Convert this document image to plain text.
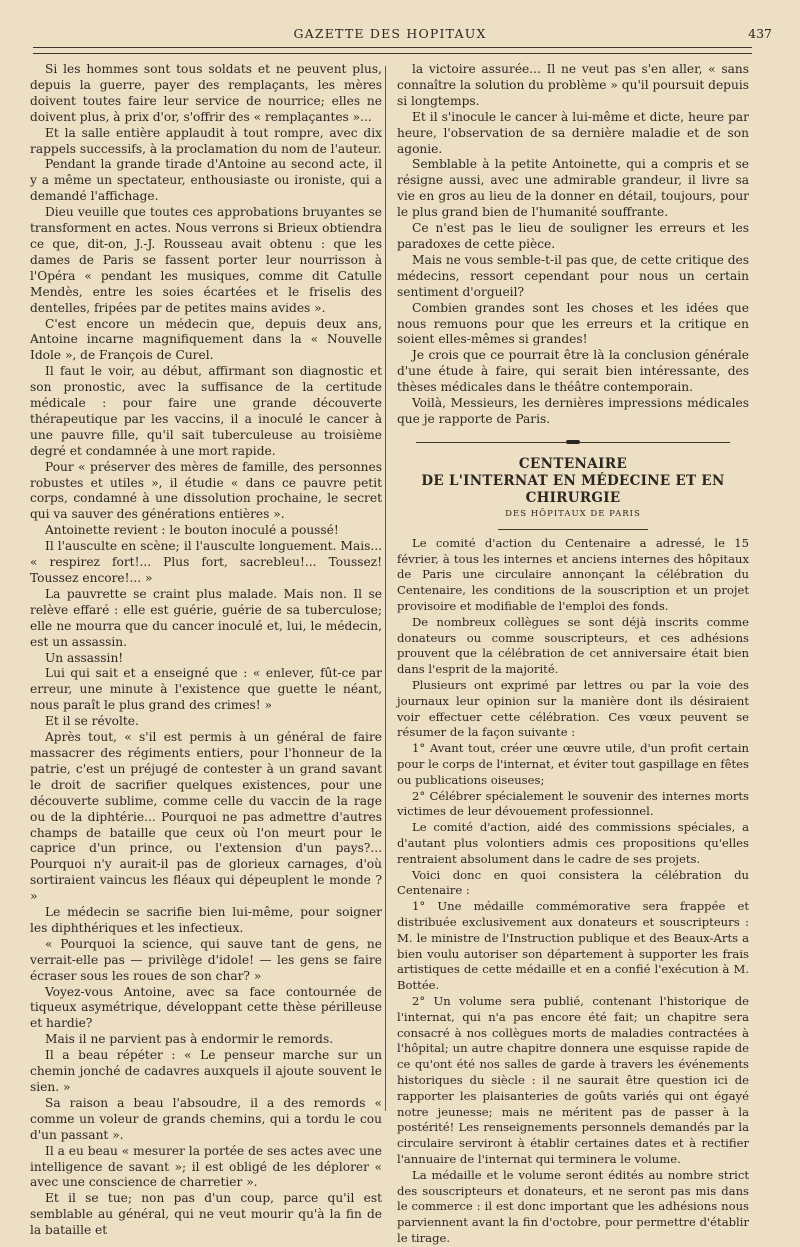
GAZETTE DES HOPITAUX	437

Si les hommes sont tous soldats et ne peuvent plus, depuis la guerre, payer des remplaçants, les mères doivent toutes faire leur service de nourrice; elles ne doivent plus, à prix d'or, s'offrir des « remplaçantes »...

Et la salle entière applaudit à tout rompre, avec dix rappels successifs, à la proclamation du nom de l'auteur.

Pendant la grande tirade d'Antoine au second acte, il y a même un spectateur, enthousiaste ou ironiste, qui a demandé l'affichage.

Dieu veuille que toutes ces approbations bruyantes se transforment en actes. Nous verrons si Brieux obtiendra ce que, dit-on, J.-J. Rousseau avait obtenu : que les dames de Paris se fassent porter leur nourrisson à l'Opéra « pendant les musiques, comme dit Catulle Mendès, entre les soies écartées et le friselis des dentelles, fripées par de petites mains avides ».

C'est encore un médecin que, depuis deux ans, Antoine incarne magnifiquement dans la « Nouvelle Idole », de François de Curel.

Il faut le voir, au début, affirmant son diagnostic et son pronostic, avec la suffisance de la certitude médicale : pour faire une grande découverte thérapeutique par les vaccins, il a inoculé le cancer à une pauvre fille, qu'il sait tuberculeuse au troisième degré et condamnée à une mort rapide.

Pour « préserver des mères de famille, des personnes robustes et utiles », il étudie « dans ce pauvre petit corps, condamné à une dissolution prochaine, le secret qui va sauver des générations entières ».

Antoinette revient : le bouton inoculé a poussé!

Il l'ausculte en scène; il l'ausculte longuement. Mais... « respirez fort!... Plus fort, sacrebleu!... Toussez! Toussez encore!... »

La pauvrette se craint plus malade. Mais non. Il se relève effaré : elle est guérie, guérie de sa tuberculose; elle ne mourra que du cancer inoculé et, lui, le médecin, est un assassin.

Un assassin!

Lui qui sait et a enseigné que : « enlever, fût-ce par erreur, une minute à l'existence que guette le néant, nous paraît le plus grand des crimes! »

Et il se révolte.

Après tout, « s'il est permis à un général de faire massacrer des régiments entiers, pour l'honneur de la patrie, c'est un préjugé de contester à un grand savant le droit de sacrifier quelques existences, pour une découverte sublime, comme celle du vaccin de la rage ou de la diphtérie... Pourquoi ne pas admettre d'autres champs de bataille que ceux où l'on meurt pour le caprice d'un prince, ou l'extension d'un pays?... Pourquoi n'y aurait-il pas de glorieux carnages, d'où sortiraient vaincus les fléaux qui dépeuplent le monde ? »

Le médecin se sacrifie bien lui-même, pour soigner les diphthériques et les infectieux.

« Pourquoi la science, qui sauve tant de gens, ne verrait-elle pas — privilège d'idole! — les gens se faire écraser sous les roues de son char? »

Voyez-vous Antoine, avec sa face contournée de tiqueux asymétrique, développant cette thèse périlleuse et hardie?

Mais il ne parvient pas à endormir le remords.

Il a beau répéter : « Le penseur marche sur un chemin jonché de cadavres auxquels il ajoute souvent le sien. »

Sa raison a beau l'absoudre, il a des remords « comme un voleur de grands chemins, qui a tordu le cou d'un passant ».

Il a eu beau « mesurer la portée de ses actes avec une intelligence de savant »; il est obligé de les déplorer « avec une conscience de charretier ».

Et il se tue; non pas d'un coup, parce qu'il est semblable au général, qui ne veut mourir qu'à la fin de la bataille et

la victoire assurée... Il ne veut pas s'en aller, « sans connaître la solution du problème » qu'il poursuit depuis si longtemps.

Et il s'inocule le cancer à lui-même et dicte, heure par heure, l'observation de sa dernière maladie et de son agonie.

Semblable à la petite Antoinette, qui a compris et se résigne aussi, avec une admirable grandeur, il livre sa vie en gros au lieu de la donner en détail, toujours, pour le plus grand bien de l'humanité souffrante.

Ce n'est pas le lieu de souligner les erreurs et les paradoxes de cette pièce.

Mais ne vous semble-t-il pas que, de cette critique des médecins, ressort cependant pour nous un certain sentiment d'orgueil?

Combien grandes sont les choses et les idées que nous remuons pour que les erreurs et la critique en soient elles-mêmes si grandes!

Je crois que ce pourrait être là la conclusion générale d'une étude à faire, qui serait bien intéressante, des thèses médicales dans le théâtre contemporain.

Voilà, Messieurs, les dernières impressions médicales que je rapporte de Paris.

CENTENAIRE
DE L'INTERNAT EN MÉDECINE ET EN CHIRURGIE
DES HÔPITAUX DE PARIS

Le comité d'action du Centenaire a adressé, le 15 février, à tous les internes et anciens internes des hôpitaux de Paris une circulaire annonçant la célébration du Centenaire, les conditions de la souscription et un projet provisoire et modifiable de l'emploi des fonds.

De nombreux collègues se sont déjà inscrits comme donateurs ou comme souscripteurs, et ces adhésions prouvent que la célébration de cet anniversaire était bien dans l'esprit de la majorité.

Plusieurs ont exprimé par lettres ou par la voie des journaux leur opinion sur la manière dont ils désiraient voir effectuer cette célébration. Ces vœux peuvent se résumer de la façon suivante :

1° Avant tout, créer une œuvre utile, d'un profit certain pour le corps de l'internat, et éviter tout gaspillage en fêtes ou publications oiseuses;

2° Célébrer spécialement le souvenir des internes morts victimes de leur dévouement professionnel.

Le comité d'action, aidé des commissions spéciales, a d'autant plus volontiers admis ces propositions qu'elles rentraient absolument dans le cadre de ses projets.

Voici donc en quoi consistera la célébration du Centenaire :

1° Une médaille commémorative sera frappée et distribuée exclusivement aux donateurs et souscripteurs : M. le ministre de l'Instruction publique et des Beaux-Arts a bien voulu autoriser son département à supporter les frais artistiques de cette médaille et en a confié l'exécution à M. Bottée.

2° Un volume sera publié, contenant l'historique de l'internat, qui n'a pas encore été fait; un chapitre sera consacré à nos collègues morts de maladies contractées à l'hôpital; un autre chapitre donnera une esquisse rapide de ce qu'ont été nos salles de garde à travers les événements historiques du siècle : il ne saurait être question ici de rapporter les plaisanteries de goûts variés qui ont égayé notre jeunesse; mais ne méritent pas de passer à la postérité! Les renseignements personnels demandés par la circulaire serviront à établir certaines dates et à rectifier l'annuaire de l'internat qui terminera le volume.

La médaille et le volume seront édités au nombre strict des souscripteurs et donateurs, et ne seront pas mis dans le commerce : il est donc important que les adhésions nous parviennent avant la fin d'octobre, pour permettre d'établir le tirage.
